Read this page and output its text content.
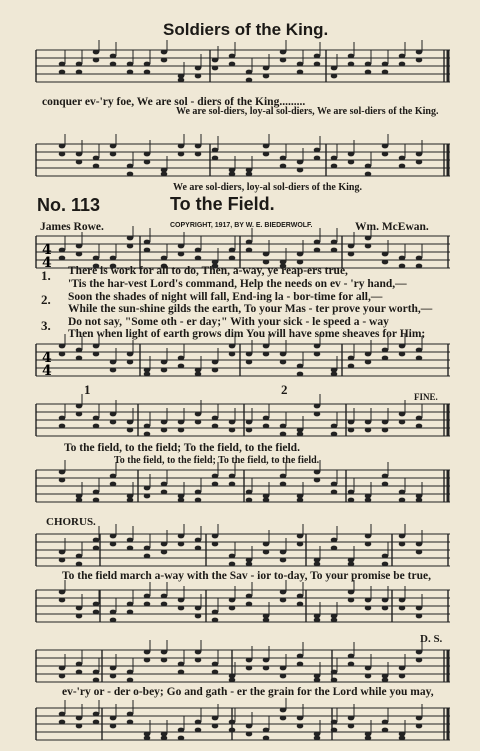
Soldiers of the King.
conquer ev-'ry foe, We are sol - diers of the King.........
We are sol-diers, loy-al sol-diers, We are sol-diers of the King.
We are sol-diers, loy-al sol-diers of the King.
No. 113	To the Field.
James Rowe.	COPYRIGHT, 1917, BY W. E. BIEDERWOLF.	Wm. McEwan.
4
4
1.
2.
3.
There is work for all to do, Then, a-way, ye reap-ers true,
'Tis the har-vest Lord's command, Help the needs on ev - 'ry hand,—
Soon the shades of night will fall, End-ing la - bor-time for all,—
While the sun-shine gilds the earth, To your Mas - ter prove your worth,—
Do not say, "Some oth - er day;" With your sick - le speed a - way
Then when light of earth grows dim You will have some sheaves for Him;
4
4
1	2	FINE.
To the field, to the field; To the field, to the field.
To the field, to the field; To the field, to the field.
CHORUS.
To the field march a-way with the Sav - ior to-day, To your promise be true,
D. S.
ev-'ry or - der o-bey; Go and gath - er the grain for the Lord while you may,
